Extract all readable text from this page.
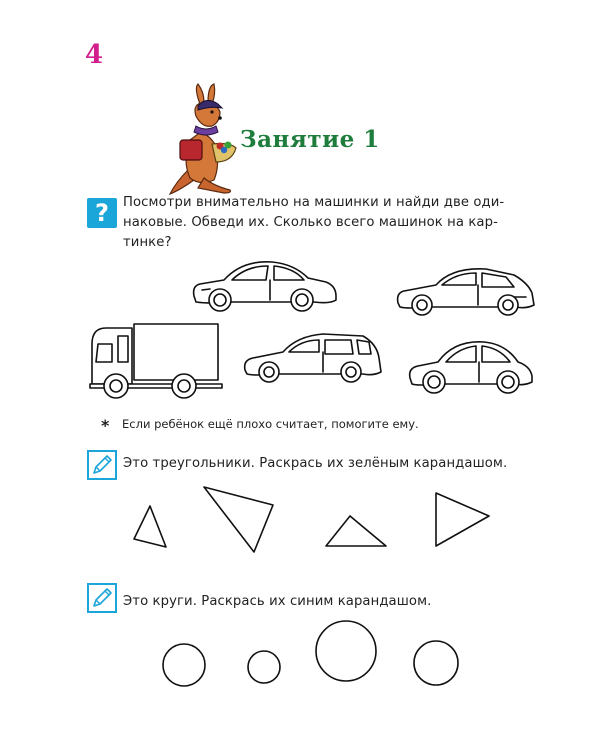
4
Занятие 1
?	Посмотри внимательно на машинки и найди две оди-
наковые. Обведи их. Сколько всего машинок на кар-
тинке?
* Если ребёнок ещё плохо считает, помогите ему.
Это треугольники. Раскрась их зелёным карандашом.
Это круги. Раскрась их синим карандашом.
